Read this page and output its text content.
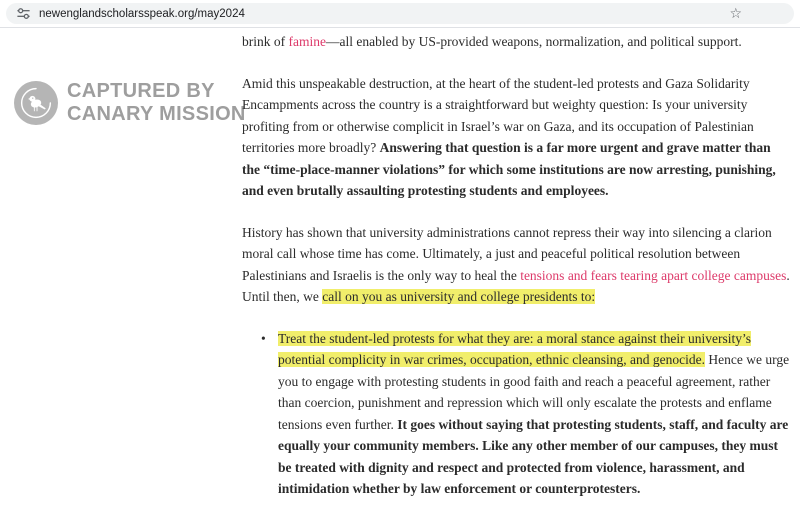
newenglandscholarsspeak.org/may2024	☆
CAPTURED BY
CANARY MISSION

brink of famine—all enabled by US-provided weapons, normalization, and political support.

Amid this unspeakable destruction, at the heart of the student-led protests and Gaza Solidarity Encampments across the country is a straightforward but weighty question: Is your university profiting from or otherwise complicit in Israel’s war on Gaza, and its occupation of Palestinian territories more broadly? Answering that question is a far more urgent and grave matter than the “time-place-manner violations” for which some institutions are now arresting, punishing, and even brutally assaulting protesting students and employees.

History has shown that university administrations cannot repress their way into silencing a clarion moral call whose time has come. Ultimately, a just and peaceful political resolution between Palestinians and Israelis is the only way to heal the tensions and fears tearing apart college campuses. Until then, we call on you as university and college presidents to:

• Treat the student-led protests for what they are: a moral stance against their university’s potential complicity in war crimes, occupation, ethnic cleansing, and genocide. Hence we urge you to engage with protesting students in good faith and reach a peaceful agreement, rather than coercion, punishment and repression which will only escalate the protests and enflame tensions even further. It goes without saying that protesting students, staff, and faculty are equally your community members. Like any other member of our campuses, they must be treated with dignity and respect and protected from violence, harassment, and intimidation whether by law enforcement or counterprotesters.
